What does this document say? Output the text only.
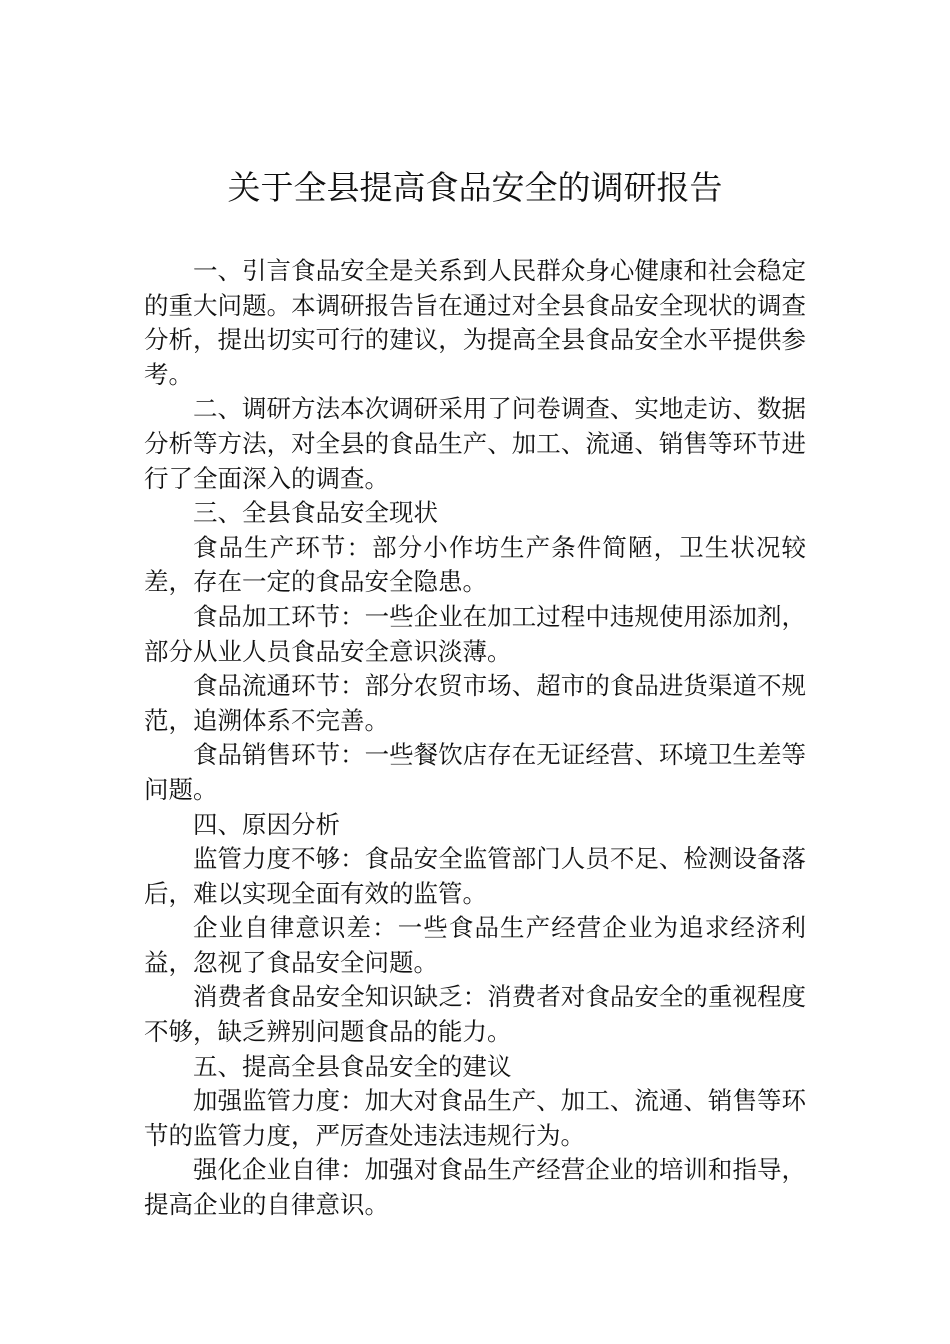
关于全县提高食品安全的调研报告

一、引言食品安全是关系到人民群众身心健康和社会稳定的重大问题。本调研报告旨在通过对全县食品安全现状的调查分析，提出切实可行的建议，为提高全县食品安全水平提供参考。

二、调研方法本次调研采用了问卷调查、实地走访、数据分析等方法，对全县的食品生产、加工、流通、销售等环节进行了全面深入的调查。

三、全县食品安全现状

食品生产环节：部分小作坊生产条件简陋，卫生状况较差，存在一定的食品安全隐患。

食品加工环节：一些企业在加工过程中违规使用添加剂，部分从业人员食品安全意识淡薄。

食品流通环节：部分农贸市场、超市的食品进货渠道不规范，追溯体系不完善。

食品销售环节：一些餐饮店存在无证经营、环境卫生差等问题。

四、原因分析

监管力度不够：食品安全监管部门人员不足、检测设备落后，难以实现全面有效的监管。

企业自律意识差：一些食品生产经营企业为追求经济利益，忽视了食品安全问题。

消费者食品安全知识缺乏：消费者对食品安全的重视程度不够，缺乏辨别问题食品的能力。

五、提高全县食品安全的建议

加强监管力度：加大对食品生产、加工、流通、销售等环节的监管力度，严厉查处违法违规行为。

强化企业自律：加强对食品生产经营企业的培训和指导，提高企业的自律意识。
